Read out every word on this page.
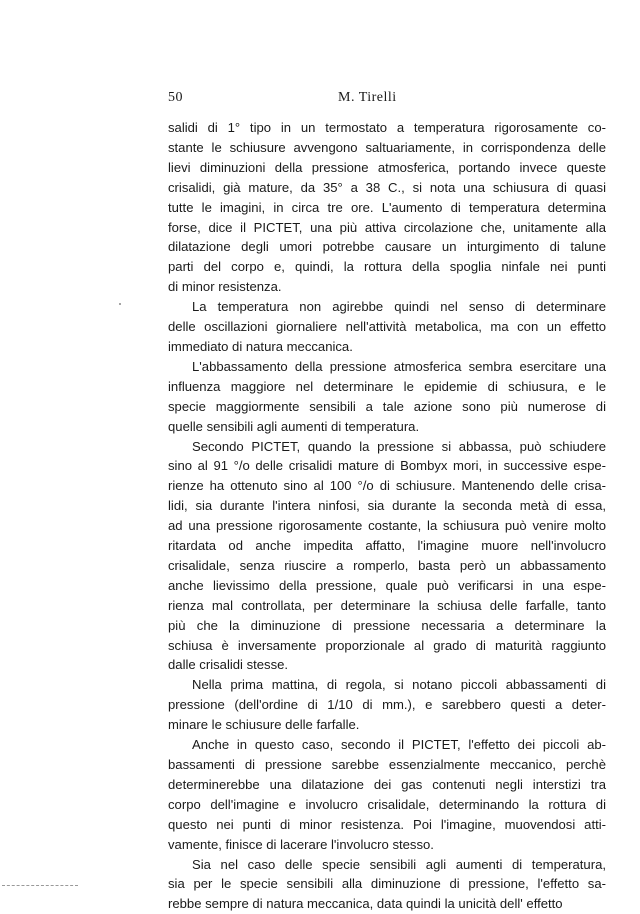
50	M. Tirelli
salidi di 1° tipo in un termostato a temperatura rigorosamente co-
stante le schiusure avvengono saltuariamente, in corrispondenza delle
lievi diminuzioni della pressione atmosferica, portando invece queste
crisalidi, già mature, da 35° a 38 C., si nota una schiusura di quasi
tutte le imagini, in circa tre ore. L'aumento di temperatura determina
forse, dice il PICTET, una più attiva circolazione che, unitamente alla
dilatazione degli umori potrebbe causare un inturgimento di talune
parti del corpo e, quindi, la rottura della spoglia ninfale nei punti
di minor resistenza.
La temperatura non agirebbe quindi nel senso di determinare
delle oscillazioni giornaliere nell'attività metabolica, ma con un effetto
immediato di natura meccanica.
L'abbassamento della pressione atmosferica sembra esercitare una
influenza maggiore nel determinare le epidemie di schiusura, e le
specie maggiormente sensibili a tale azione sono più numerose di
quelle sensibili agli aumenti di temperatura.
Secondo PICTET, quando la pressione si abbassa, può schiudere
sino al 91 °/o delle crisalidi mature di Bombyx mori, in successive espe-
rienze ha ottenuto sino al 100 °/o di schiusure. Mantenendo delle crisa-
lidi, sia durante l'intera ninfosi, sia durante la seconda metà di essa,
ad una pressione rigorosamente costante, la schiusura può venire molto
ritardata od anche impedita affatto, l'imagine muore nell'involucro
crisalidale, senza riuscire a romperlo, basta però un abbassamento
anche lievissimo della pressione, quale può verificarsi in una espe-
rienza mal controllata, per determinare la schiusa delle farfalle, tanto
più che la diminuzione di pressione necessaria a determinare la
schiusa è inversamente proporzionale al grado di maturità raggiunto
dalle crisalidi stesse.
Nella prima mattina, di regola, si notano piccoli abbassamenti di
pressione (dell'ordine di 1/10 di mm.), e sarebbero questi a deter-
minare le schiusure delle farfalle.
Anche in questo caso, secondo il PICTET, l'effetto dei piccoli ab-
bassamenti di pressione sarebbe essenzialmente meccanico, perchè
determinerebbe una dilatazione dei gas contenuti negli interstizi tra
corpo dell'imagine e involucro crisalidale, determinando la rottura di
questo nei punti di minor resistenza. Poi l'imagine, muovendosi atti-
vamente, finisce di lacerare l'involucro stesso.
Sia nel caso delle specie sensibili agli aumenti di temperatura,
sia per le specie sensibili alla diminuzione di pressione, l'effetto sa-
rebbe sempre di natura meccanica, data quindi la unicità dell' effetto
